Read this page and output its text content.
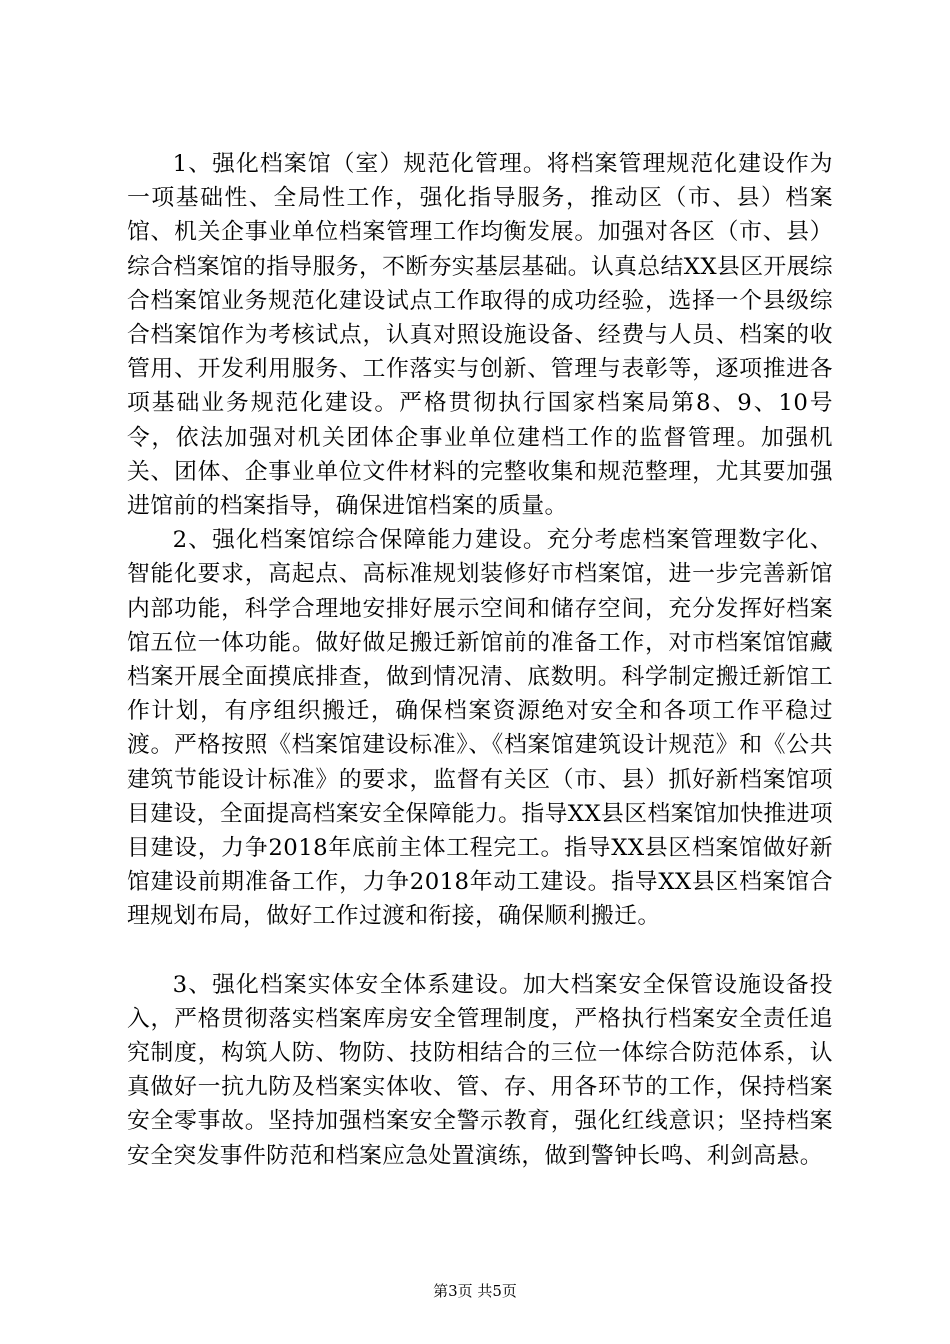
1、强化档案馆（室）规范化管理。将档案管理规范化建设作为一项基础性、全局性工作，强化指导服务，推动区（市、县）档案馆、机关企事业单位档案管理工作均衡发展。加强对各区（市、县）综合档案馆的指导服务，不断夯实基层基础。认真总结XX县区开展综合档案馆业务规范化建设试点工作取得的成功经验，选择一个县级综合档案馆作为考核试点，认真对照设施设备、经费与人员、档案的收管用、开发利用服务、工作落实与创新、管理与表彰等，逐项推进各项基础业务规范化建设。严格贯彻执行国家档案局第8、9、10号令，依法加强对机关团体企事业单位建档工作的监督管理。加强机关、团体、企事业单位文件材料的完整收集和规范整理，尤其要加强进馆前的档案指导，确保进馆档案的质量。

2、强化档案馆综合保障能力建设。充分考虑档案管理数字化、智能化要求，高起点、高标准规划装修好市档案馆，进一步完善新馆内部功能，科学合理地安排好展示空间和储存空间，充分发挥好档案馆五位一体功能。做好做足搬迁新馆前的准备工作，对市档案馆馆藏档案开展全面摸底排查，做到情况清、底数明。科学制定搬迁新馆工作计划，有序组织搬迁，确保档案资源绝对安全和各项工作平稳过渡。严格按照《档案馆建设标准》、《档案馆建筑设计规范》和《公共建筑节能设计标准》的要求，监督有关区（市、县）抓好新档案馆项目建设，全面提高档案安全保障能力。指导XX县区档案馆加快推进项目建设，力争2018年底前主体工程完工。指导XX县区档案馆做好新馆建设前期准备工作，力争2018年动工建设。指导XX县区档案馆合理规划布局，做好工作过渡和衔接，确保顺利搬迁。

3、强化档案实体安全体系建设。加大档案安全保管设施设备投入，严格贯彻落实档案库房安全管理制度，严格执行档案安全责任追究制度，构筑人防、物防、技防相结合的三位一体综合防范体系，认真做好一抗九防及档案实体收、管、存、用各环节的工作，保持档案安全零事故。坚持加强档案安全警示教育，强化红线意识；坚持档案安全突发事件防范和档案应急处置演练，做到警钟长鸣、利剑高悬。

第3页 共5页
